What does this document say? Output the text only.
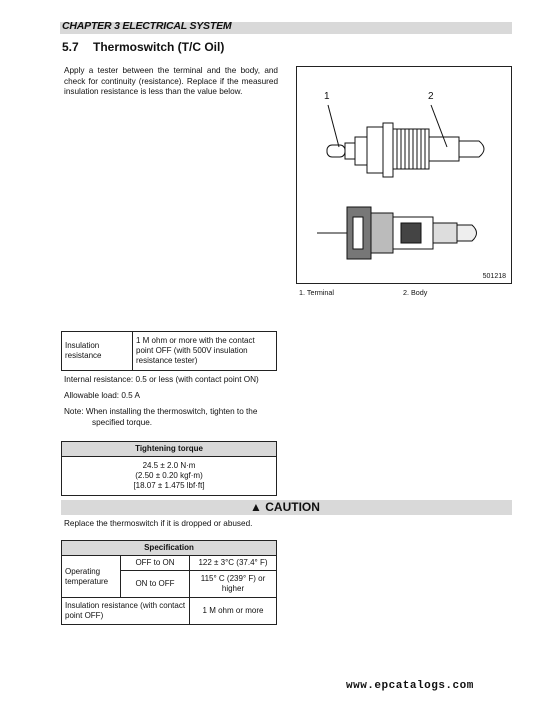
CHAPTER 3 ELECTRICAL SYSTEM
5.7 Thermoswitch (T/C Oil)
Apply a tester between the terminal and the body, and check for continuity (resistance). Replace if the measured insulation resistance is less than the value below.	1	2
501218
1. Terminal	2. Body
Insulation resistance	1 M ohm or more with the contact point OFF (with 500V insulation resistance tester)
Internal resistance: 0.5 or less (with contact point ON)
Allowable load: 0.5 A
Note: When installing the thermoswitch, tighten to the specified torque.
Tightening torque

24.5 ± 2.0 N·m
(2.50 ± 0.20 kgf·m)
[18.07 ± 1.475 lbf·ft]
▲ CAUTION
Replace the thermoswitch if it is dropped or abused.
Specification		
Operating temperature	OFF to ON	122 ± 3°C (37.4° F)
	ON to OFF	115° C (239° F) or higher
Insulation resistance (with contact point OFF)		1 M ohm or more
www.epcatalogs.com
